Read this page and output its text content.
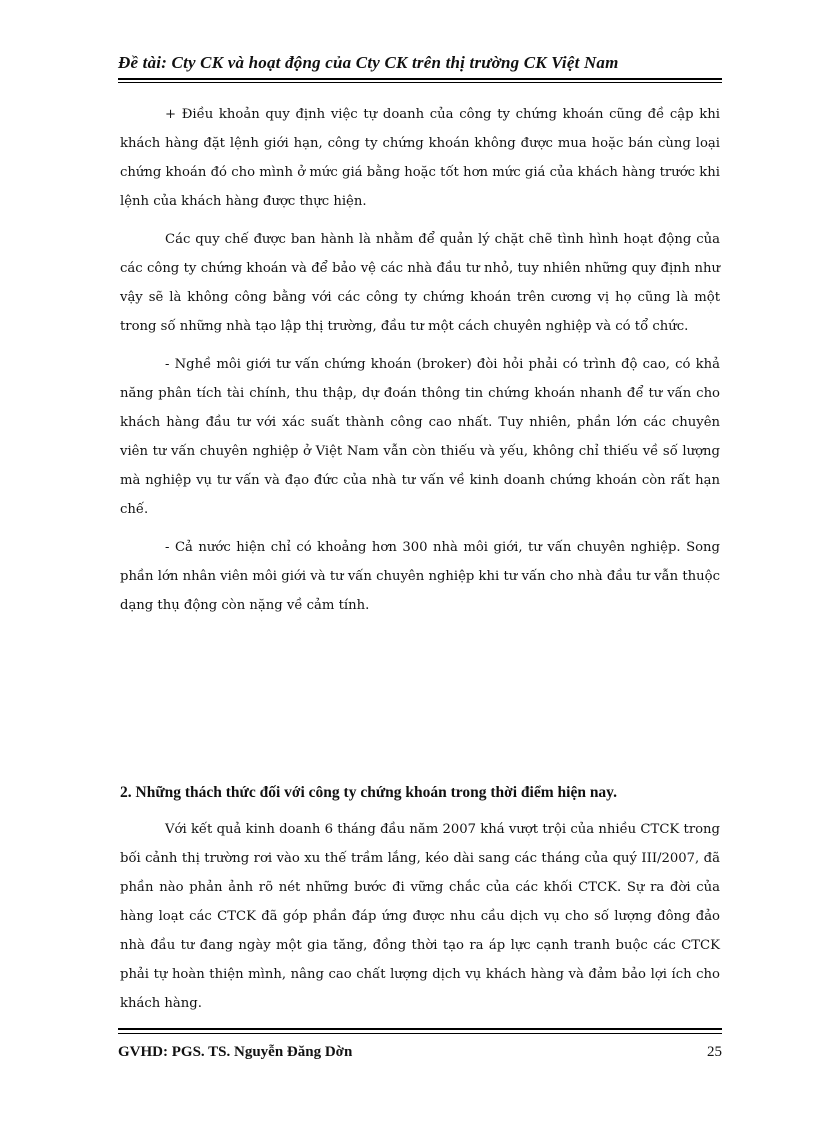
Đề tài: Cty CK và hoạt động của Cty CK trên thị trường CK Việt Nam

+ Điều khoản quy định việc tự doanh của công ty chứng khoán cũng đề cập khi khách hàng đặt lệnh giới hạn, công ty chứng khoán không được mua hoặc bán cùng loại chứng khoán đó cho mình ở mức giá bằng hoặc tốt hơn mức giá của khách hàng trước khi lệnh của khách hàng được thực hiện.

Các quy chế được ban hành là nhằm để quản lý chặt chẽ tình hình hoạt động của các công ty chứng khoán và để bảo vệ các nhà đầu tư nhỏ, tuy nhiên những quy định như vậy sẽ là không công bằng với các công ty chứng khoán trên cương vị họ cũng là một trong số những nhà tạo lập thị trường, đầu tư một cách chuyên nghiệp và có tổ chức.

- Nghề môi giới tư vấn chứng khoán (broker) đòi hỏi phải có trình độ cao, có khả năng phân tích tài chính, thu thập, dự đoán thông tin chứng khoán nhanh để tư vấn cho khách hàng đầu tư với xác suất thành công cao nhất. Tuy nhiên, phần lớn các chuyên viên tư vấn chuyên nghiệp ở Việt Nam vẫn còn thiếu và yếu, không chỉ thiếu về số lượng mà nghiệp vụ tư vấn và đạo đức của nhà tư vấn về kinh doanh chứng khoán còn rất hạn chế.

- Cả nước hiện chỉ có khoảng hơn 300 nhà môi giới, tư vấn chuyên nghiệp. Song phần lớn nhân viên môi giới và tư vấn chuyên nghiệp khi tư vấn cho nhà đầu tư vẫn thuộc dạng thụ động còn nặng về cảm tính.

2. Những thách thức đối với công ty chứng khoán trong thời điểm hiện nay.

Với kết quả kinh doanh 6 tháng đầu năm 2007 khá vượt trội của nhiều CTCK trong bối cảnh thị trường rơi vào xu thế trầm lắng, kéo dài sang các tháng của quý III/2007, đã phần nào phản ảnh rõ nét những bước đi vững chắc của các khối CTCK. Sự ra đời của hàng loạt các CTCK đã góp phần đáp ứng được nhu cầu dịch vụ cho số lượng đông đảo nhà đầu tư đang ngày một gia tăng, đồng thời tạo ra áp lực cạnh tranh buộc các CTCK phải tự hoàn thiện mình, nâng cao chất lượng dịch vụ khách hàng và đảm bảo lợi ích cho khách hàng.

GVHD: PGS. TS. Nguyễn Đăng Dờn	25
